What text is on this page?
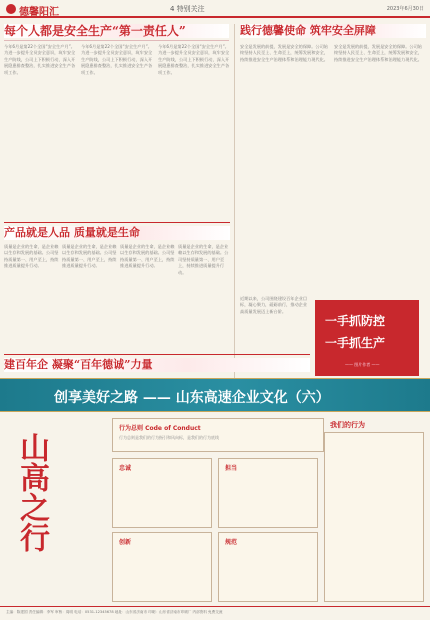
德馨阳汇	4 特别关注	2023年6月30日
每个人都是安全生产“第一责任人”
今年6月是第22个全国“安全生产月”。为进一步提升全员安全意识，筑牢安全生产防线，公司上下积极行动，深入开展隐患排查整治，扎实推进安全生产各项工作。
今年6月是第22个全国“安全生产月”。为进一步提升全员安全意识，筑牢安全生产防线，公司上下积极行动，深入开展隐患排查整治，扎实推进安全生产各项工作。
今年6月是第22个全国“安全生产月”。为进一步提升全员安全意识，筑牢安全生产防线，公司上下积极行动，深入开展隐患排查整治，扎实推进安全生产各项工作。
践行德馨使命 筑牢安全屏障
安全是发展的前提，发展是安全的保障。公司始终坚持人民至上、生命至上，统筹发展和安全，持续推进安全生产治理体系和治理能力现代化。
安全是发展的前提，发展是安全的保障。公司始终坚持人民至上、生命至上，统筹发展和安全，持续推进安全生产治理体系和治理能力现代化。
产品就是人品 质量就是生命
质量是企业的生命，是企业赖以生存和发展的基础。公司坚持质量第一、用户至上，持续推进质量提升行动。
质量是企业的生命，是企业赖以生存和发展的基础。公司坚持质量第一、用户至上，持续推进质量提升行动。
质量是企业的生命，是企业赖以生存和发展的基础。公司坚持质量第一、用户至上，持续推进质量提升行动。
质量是企业的生命，是企业赖以生存和发展的基础。公司坚持质量第一、用户至上，持续推进质量提升行动。
建百年企 凝聚“百年德诚”力量
近期以来，公司围绕建设百年企业目标，凝心聚力，砥砺前行，推动企业高质量发展迈上新台阶。
一手抓防控
一手抓生产
—— 图片作者 ——
创享美好之路 —— 山东高速企业文化（六）
山高之行
行为总则 Code of Conduct
行为总则是我们的行为指引和风向标，是我们的行为底线
我们的行为
忠诚	担当
创新	规范
主编：陈建国 责任编辑：李军 审核：周明 电话：0531-12345678 地址：山东省济南市 印刷：山东省济南市印刷厂 内部资料 免费交流
